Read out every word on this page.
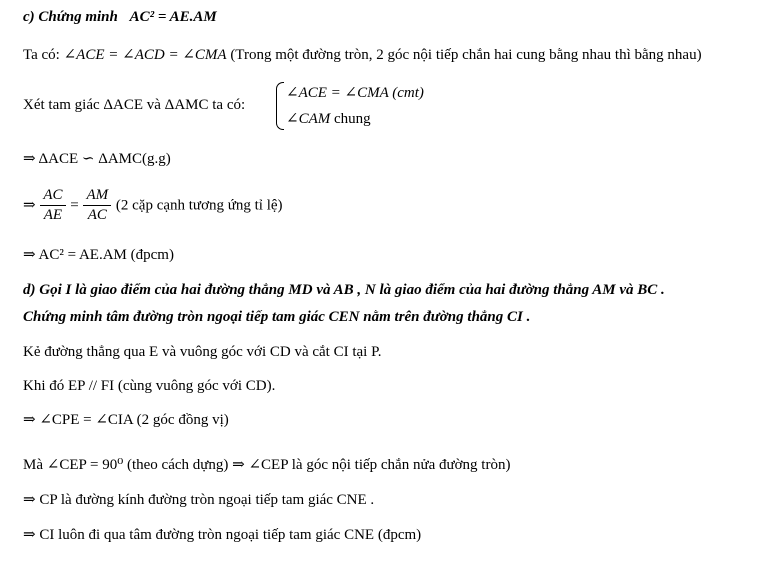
c) Chứng minh AC² = AE.AM
Ta có: ∠ACE = ∠ACD = ∠CMA (Trong một đường tròn, 2 góc nội tiếp chắn hai cung bằng nhau thì bằng nhau)
Xét tam giác ΔACE và ΔAMC ta có:
∠ACE = ∠CMA (cmt)
∠CAM chung
⇒ ΔACE ∽ ΔAMC(g.g)
⇒ $\frac{AC}{AE} = \frac{AM}{AC} (2$ cặp cạnh tương ứng tỉ lệ)
⇒ AC² = AE.AM (đpcm)
d) Gọi I là giao điểm của hai đường thẳng MD và AB , N là giao điểm của hai đường thẳng AM và BC .
Chứng minh tâm đường tròn ngoại tiếp tam giác CEN nằm trên đường thẳng CI .
Kẻ đường thẳng qua E và vuông góc với CD và cắt CI tại P.
Khi đó EP // FI (cùng vuông góc với CD).
⇒ ∠CPE = ∠CIA (2 góc đồng vị)
Mà ∠CEP = 90⁰ (theo cách dựng) ⇒ ∠CEP là góc nội tiếp chắn nửa đường tròn)
⇒ CP là đường kính đường tròn ngoại tiếp tam giác CNE .
⇒ CI luôn đi qua tâm đường tròn ngoại tiếp tam giác CNE (đpcm)
